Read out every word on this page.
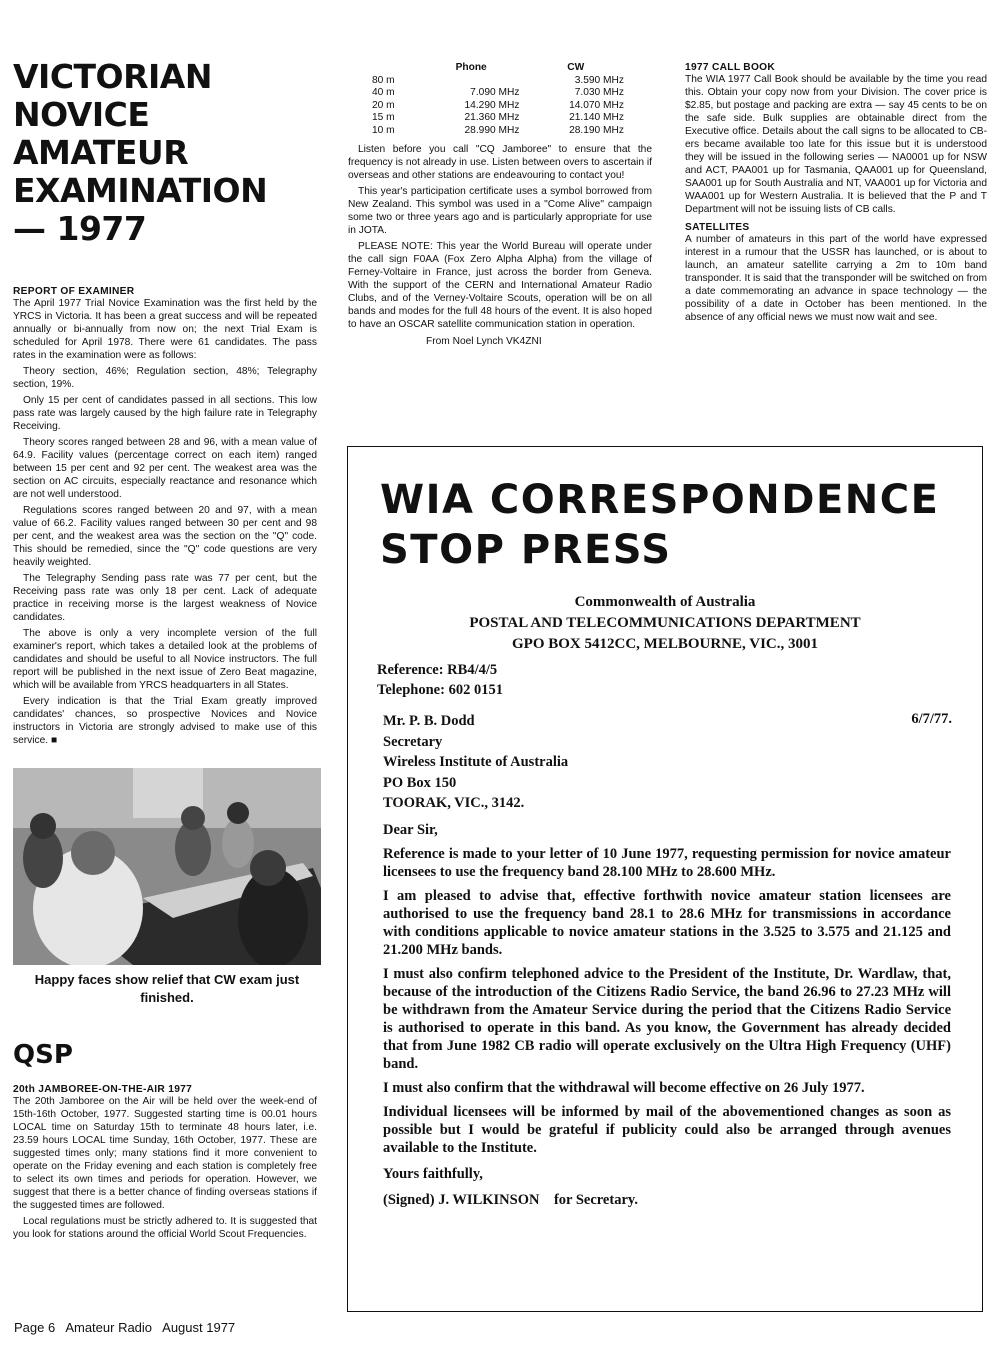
VICTORIAN
NOVICE AMATEUR
EXAMINATION
— 1977
REPORT OF EXAMINER

The April 1977 Trial Novice Examination was the first held by the YRCS in Victoria. It has been a great success and will be repeated annually or bi-annually from now on; the next Trial Exam is scheduled for April 1978. There were 61 candidates. The pass rates in the examination were as follows:

Theory section, 46%; Regulation section, 48%; Telegraphy section, 19%.

Only 15 per cent of candidates passed in all sections. This low pass rate was largely caused by the high failure rate in Telegraphy Receiving.

Theory scores ranged between 28 and 96, with a mean value of 64.9. Facility values (percentage correct on each item) ranged between 15 per cent and 92 per cent. The weakest area was the section on AC circuits, especially reactance and resonance which are not well understood.

Regulations scores ranged between 20 and 97, with a mean value of 66.2. Facility values ranged between 30 per cent and 98 per cent, and the weakest area was the section on the "Q" code. This should be remedied, since the "Q" code questions are very heavily weighted.

The Telegraphy Sending pass rate was 77 per cent, but the Receiving pass rate was only 18 per cent. Lack of adequate practice in receiving morse is the largest weakness of Novice candidates.

The above is only a very incomplete version of the full examiner's report, which takes a detailed look at the problems of candidates and should be useful to all Novice instructors. The full report will be published in the next issue of Zero Beat magazine, which will be available from YRCS headquarters in all States.

Every indication is that the Trial Exam greatly improved candidates' chances, so prospective Novices and Novice instructors in Victoria are strongly advised to make use of this service. ■

Happy faces show relief that CW exam just finished.
QSP
20th JAMBOREE-ON-THE-AIR 1977

The 20th Jamboree on the Air will be held over the week-end of 15th-16th October, 1977. Suggested starting time is 00.01 hours LOCAL time on Saturday 15th to terminate 48 hours later, i.e. 23.59 hours LOCAL time Sunday, 16th October, 1977. These are suggested times only; many stations find it more convenient to operate on the Friday evening and each station is completely free to select its own times and periods for operation. However, we suggest that there is a better chance of finding overseas stations if the suggested times are followed.

Local regulations must be strictly adhered to. It is suggested that you look for stations around the official World Scout Frequencies.

	Phone	CW
80 m		3.590 MHz
40 m	7.090 MHz	7.030 MHz
20 m	14.290 MHz	14.070 MHz
15 m	21.360 MHz	21.140 MHz
10 m	28.990 MHz	28.190 MHz

Listen before you call "CQ Jamboree" to ensure that the frequency is not already in use. Listen between overs to ascertain if overseas and other stations are endeavouring to contact you!

This year's participation certificate uses a symbol borrowed from New Zealand. This symbol was used in a "Come Alive" campaign some two or three years ago and is particularly appropriate for use in JOTA.

PLEASE NOTE: This year the World Bureau will operate under the call sign F0AA (Fox Zero Alpha Alpha) from the village of Ferney-Voltaire in France, just across the border from Geneva. With the support of the CERN and International Amateur Radio Clubs, and of the Verney-Voltaire Scouts, operation will be on all bands and modes for the full 48 hours of the event. It is also hoped to have an OSCAR satellite communication station in operation.

From Noel Lynch VK4ZNI

1977 CALL BOOK

The WIA 1977 Call Book should be available by the time you read this. Obtain your copy now from your Division. The cover price is $2.85, but postage and packing are extra — say 45 cents to be on the safe side. Bulk supplies are obtainable direct from the Executive office. Details about the call signs to be allocated to CB-ers became available too late for this issue but it is understood they will be issued in the following series — NA0001 up for NSW and ACT, PAA001 up for Tasmania, QAA001 up for Queensland, SAA001 up for South Australia and NT, VAA001 up for Victoria and WAA001 up for Western Australia. It is believed that the P and T Department will not be issuing lists of CB calls.

SATELLITES

A number of amateurs in this part of the world have expressed interest in a rumour that the USSR has launched, or is about to launch, an amateur satellite carrying a 2m to 10m band transponder. It is said that the transponder will be switched on from a date commemorating an advance in space technology — the possibility of a date in October has been mentioned. In the absence of any official news we must now wait and see.

WIA CORRESPONDENCE
STOP PRESS
Commonwealth of Australia
POSTAL AND TELECOMMUNICATIONS DEPARTMENT
GPO BOX 5412CC, MELBOURNE, VIC., 3001
Reference: RB4/4/5
Telephone: 602 0151
Mr. P. B. Dodd
Secretary
Wireless Institute of Australia
PO Box 150
TOORAK, VIC., 3142.
6/7/77.

Dear Sir,

Reference is made to your letter of 10 June 1977, requesting permission for novice amateur licensees to use the frequency band 28.100 MHz to 28.600 MHz.

I am pleased to advise that, effective forthwith novice amateur station licensees are authorised to use the frequency band 28.1 to 28.6 MHz for transmissions in accordance with conditions applicable to novice amateur stations in the 3.525 to 3.575 and 21.125 and 21.200 MHz bands.

I must also confirm telephoned advice to the President of the Institute, Dr. Wardlaw, that, because of the introduction of the Citizens Radio Service, the band 26.96 to 27.23 MHz will be withdrawn from the Amateur Service during the period that the Citizens Radio Service is authorised to operate in this band. As you know, the Government has already decided that from June 1982 CB radio will operate exclusively on the Ultra High Frequency (UHF) band.

I must also confirm that the withdrawal will become effective on 26 July 1977.

Individual licensees will be informed by mail of the abovementioned changes as soon as possible but I would be grateful if publicity could also be arranged through avenues available to the Institute.

Yours faithfully,

(Signed) J. WILKINSON    for Secretary.

Page 6   Amateur Radio   August 1977
